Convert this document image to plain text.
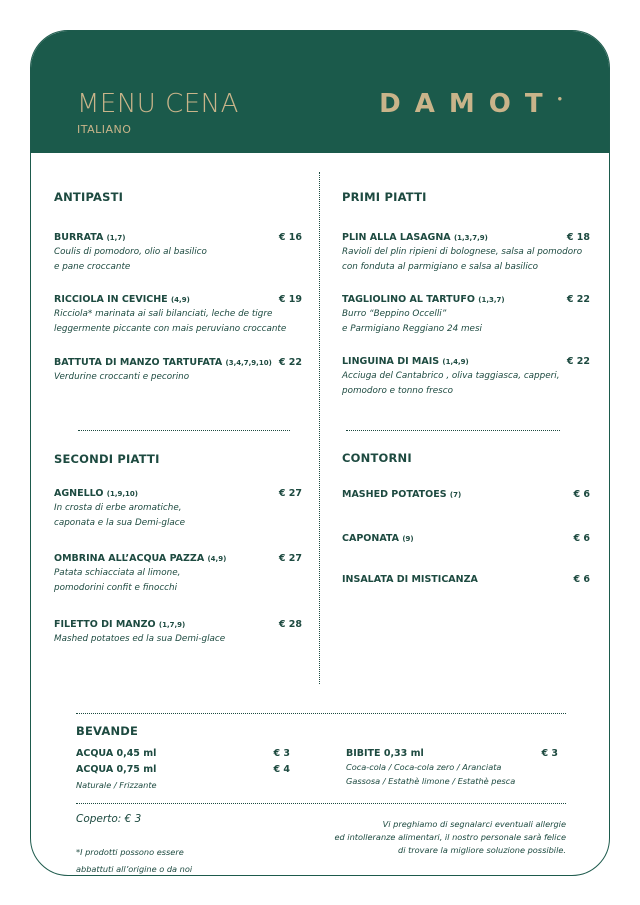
MENU CENA
ITALIANO
DAMOT•
ANTIPASTI
BURRATA (1,7)	€ 16
Coulis di pomodoro, olio al basilico
e pane croccante
RICCIOLA IN CEVICHE (4,9)	€ 19
Ricciola* marinata ai sali bilanciati, leche de tigre
leggermente piccante con mais peruviano croccante
BATTUTA DI MANZO TARTUFATA (3,4,7,9,10) € 22
Verdurine croccanti e pecorino
SECONDI PIATTI
AGNELLO (1,9,10)	€ 27
In crosta di erbe aromatiche,
caponata e la sua Demi-glace
OMBRINA ALL’ACQUA PAZZA (4,9)	€ 27
Patata schiacciata al limone,
pomodorini confit e finocchi
FILETTO DI MANZO (1,7,9)	€ 28
Mashed potatoes ed la sua Demi-glace
PRIMI PIATTI
PLIN ALLA LASAGNA (1,3,7,9)	€ 18
Ravioli del plin ripieni di bolognese, salsa al pomodoro
con fonduta al parmigiano e salsa al basilico
TAGLIOLINO AL TARTUFO (1,3,7)	€ 22
Burro “Beppino Occelli”
e Parmigiano Reggiano 24 mesi
LINGUINA DI MAIS (1,4,9)	€ 22
Acciuga del Cantabrico , oliva taggiasca, capperi,
pomodoro e tonno fresco
CONTORNI
MASHED POTATOES (7)	€ 6
CAPONATA (9)	€ 6
INSALATA DI MISTICANZA	€ 6
BEVANDE
ACQUA 0,45 ml	€ 3
ACQUA 0,75 ml	€ 4
Naturale / Frizzante
BIBITE 0,33 ml	€ 3
Coca-cola / Coca-cola zero / Aranciata
Gassosa / Estathè limone / Estathè pesca
Coperto: € 3
*I prodotti possono essere
abbattuti all’origine o da noi
Vi preghiamo di segnalarci eventuali allergie
ed intolleranze alimentari, il nostro personale sarà felice
di trovare la migliore soluzione possibile.
